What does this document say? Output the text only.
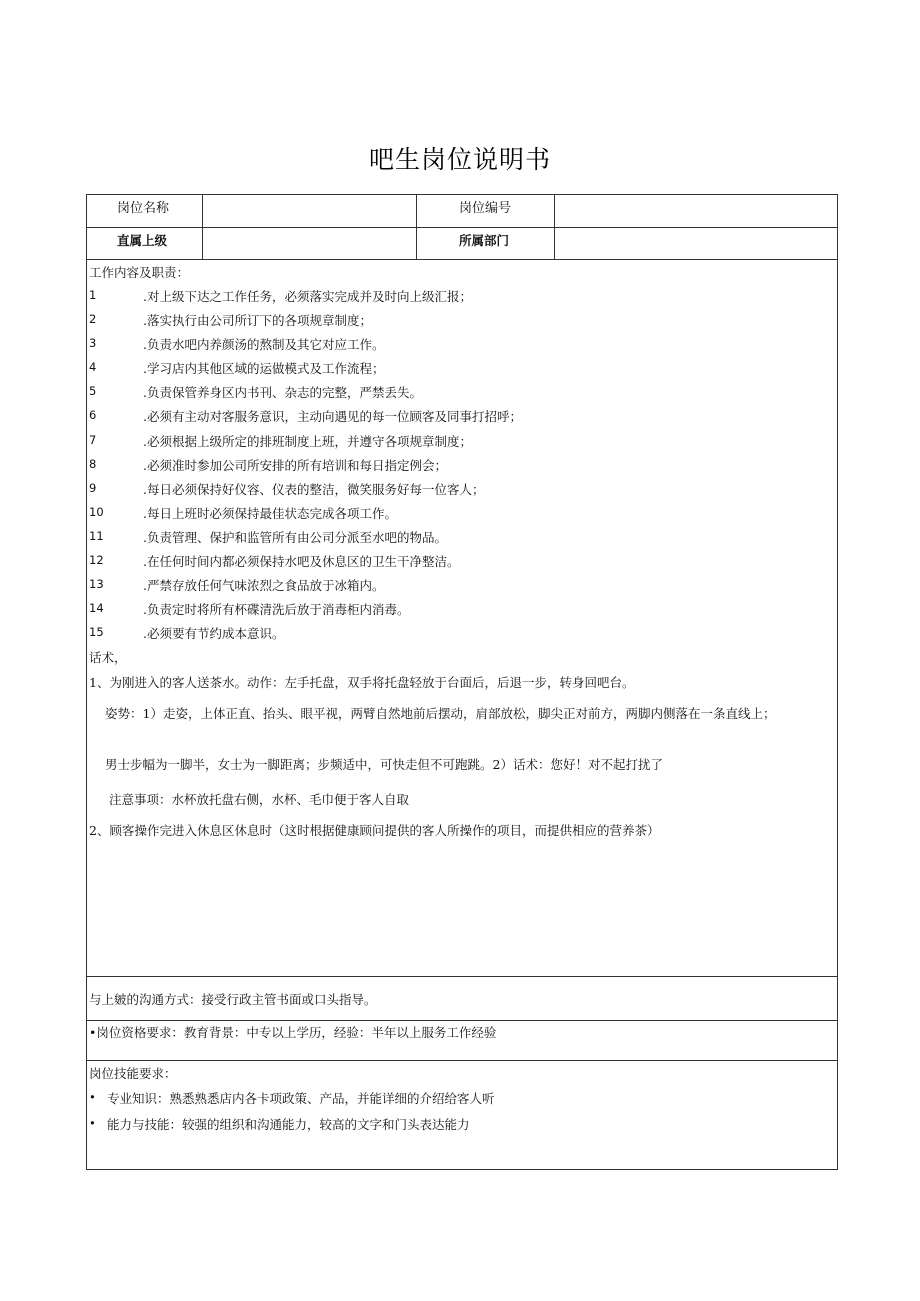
吧生岗位说明书
岗位名称	岗位编号
直属上级	所属部门
工作内容及职责：
1	.对上级下达之工作任务，必须落实完成并及时向上级汇报；
2	.落实执行由公司所订下的各项规章制度；
3	.负责水吧内养颜汤的熬制及其它对应工作。
4	.学习店内其他区域的运做模式及工作流程；
5	.负责保管养身区内书刊、杂志的完整，严禁丢失。
6	.必须有主动对客服务意识，主动向遇见的每一位顾客及同事打招呼；
7	.必须根据上级所定的排班制度上班，并遵守各项规章制度；
8	.必须准时参加公司所安排的所有培训和每日指定例会；
9	.每日必须保持好仪容、仪表的整洁，微笑服务好每一位客人；
10	.每日上班时必须保持最佳状态完成各项工作。
11	.负责管理、保护和监管所有由公司分派至水吧的物品。
12	.在任何时间内都必须保持水吧及休息区的卫生干净整洁。
13	.严禁存放任何气味浓烈之食品放于冰箱内。
14	.负责定时将所有杯碟清洗后放于消毒柜内消毒。
15	.必须要有节约成本意识。
话术，
1、为刚进入的客人送茶水。动作：左手托盘，双手将托盘轻放于台面后，后退一步，转身回吧台。
姿势：1）走姿，上体正直、抬头、眼平视，两臂自然地前后摆动，肩部放松，脚尖正对前方，两脚内侧落在一条直线上；
男士步幅为一脚半，女士为一脚距离；步频适中，可快走但不可跑跳。2）话术：您好！对不起打扰了
注意事项：水杯放托盘右侧，水杯、毛巾便于客人自取
2、顾客操作完进入休息区休息时（这时根据健康顾问提供的客人所操作的项目，而提供相应的营养茶）
与上皴的沟通方式：接受行政主管书面或口头指导。
•岗位资格要求：教育背景：中专以上学历，经验：半年以上服务工作经验
岗位技能要求：
• 专业知识：熟悉熟悉店内各卡项政策、产品，并能详细的介绍给客人听
• 能力与技能：较强的组织和沟通能力，较高的文字和门头表达能力
